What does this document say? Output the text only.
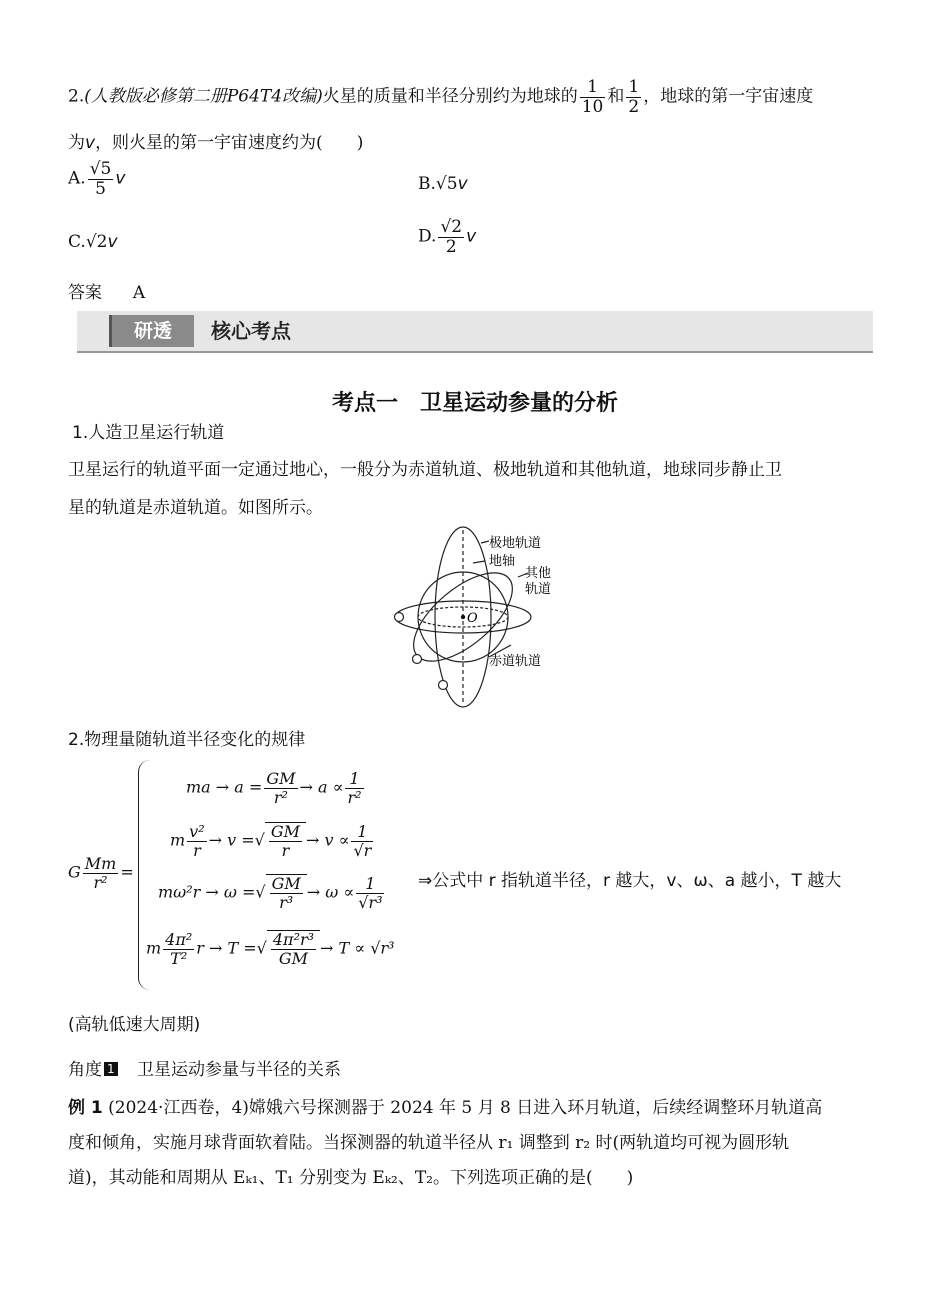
2.(人教版必修第二册P64T4改编)火星的质量和半径分别约为地球的 $\frac{1}{10}$ 和 $\frac{1}{2}$ ，地球的第一宇宙速度
为v，则火星的第一宇宙速度约为(　　)
A. $\frac{√5}{5}$ v	B.√5v
C.√2v	D. $\frac{√2}{2}$ v
答案 A
研透	核心考点
考点一　卫星运动参量的分析
1.人造卫星运行轨道
卫星运行的轨道平面一定通过地心，一般分为赤道轨道、极地轨道和其他轨道，地球同步静止卫
星的轨道是赤道轨道。如图所示。
O
极地轨道
地轴
其他
轨道
赤道轨道
2.物理量随轨道半径变化的规律
G $\frac{Mm}{\text{r²}}$ =
ma → $a = \frac{GM}{\text{r²}} \to a \propto \frac{1}{\text{r²}}$
m $\frac{\text{v²}}{r} \to v$ =√ $\frac{GM}{r} \to v \propto \frac{1}{√r}$
mω²r → ω =√ $\frac{GM}{\text{r³}} \to \omega \propto \frac{1}{\text{√r³}}$
m $\frac{\text{4π²}}{\text{T²}}$ r → T =√ $\frac{\text{4π²r³}}{GM} \to T \propto √r^3$
⇒公式中 r 指轨道半径，r 越大，v、ω、a 越小，T 越大
(高轨低速大周期)
角度 1 卫星运动参量与半径的关系
例 1 (2024·江西卷，4)嫦娥六号探测器于 2024 年 5 月 8 日进入环月轨道，后续经调整环月轨道高
度和倾角，实施月球背面软着陆。当探测器的轨道半径从 r₁ 调整到 r₂ 时(两轨道均可视为圆形轨
道)，其动能和周期从 Eₖ₁、T₁ 分别变为 Eₖ₂、T₂。下列选项正确的是(　　)
